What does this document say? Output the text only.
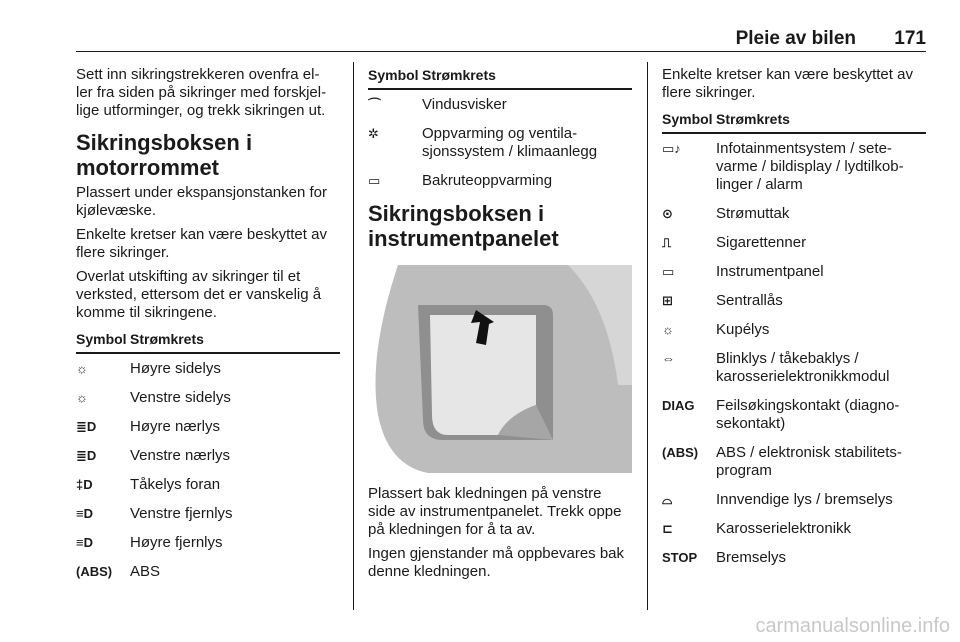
Pleie av bilen 171

Sett inn sikringstrekkeren ovenfra el- ler fra siden på sikringer med forskjel- lige utforminger, og trekk sikringen ut.

Sikringsboksen i motorrommet

Plassert under ekspansjonstanken for kjølevæske.

Enkelte kretser kan være beskyttet av flere sikringer.

Overlat utskifting av sikringer til et verksted, ettersom det er vanskelig å komme til sikringene.

Symbol Strømkrets
☼	Høyre sidelys
☼	Venstre sidelys
≣D	Høyre nærlys
≣D	Venstre nærlys
‡D	Tåkelys foran
≡D	Venstre fjernlys
≡D	Høyre fjernlys
(ABS)	ABS
Symbol Strømkrets
⌒	Vindusvisker
✲	Oppvarming og ventila- sjonssystem / klimaanlegg
▭	Bakruteoppvarming
Sikringsboksen i instrumentpanelet

Plassert bak kledningen på venstre side av instrumentpanelet. Trekk oppe på kledningen for å ta av.

Ingen gjenstander må oppbevares bak denne kledningen.

Enkelte kretser kan være beskyttet av flere sikringer.

Symbol Strømkrets
▭♪	Infotainmentsystem / sete- varme / bildisplay / lydtilkob- linger / alarm
⊙	Strømuttak
⎍	Sigarettenner
▭	Instrumentpanel
⊞	Sentrallås
☼	Kupélys
⇔	Blinklys / tåkebaklys / karosserielektronikkmodul
DIAG	Feilsøkingskontakt (diagno- sekontakt)
(ABS)	ABS / elektronisk stabilitets- program
⌓	Innvendige lys / bremselys
⊏	Karosserielektronikk
STOP	Bremselys
carmanualsonline.info
